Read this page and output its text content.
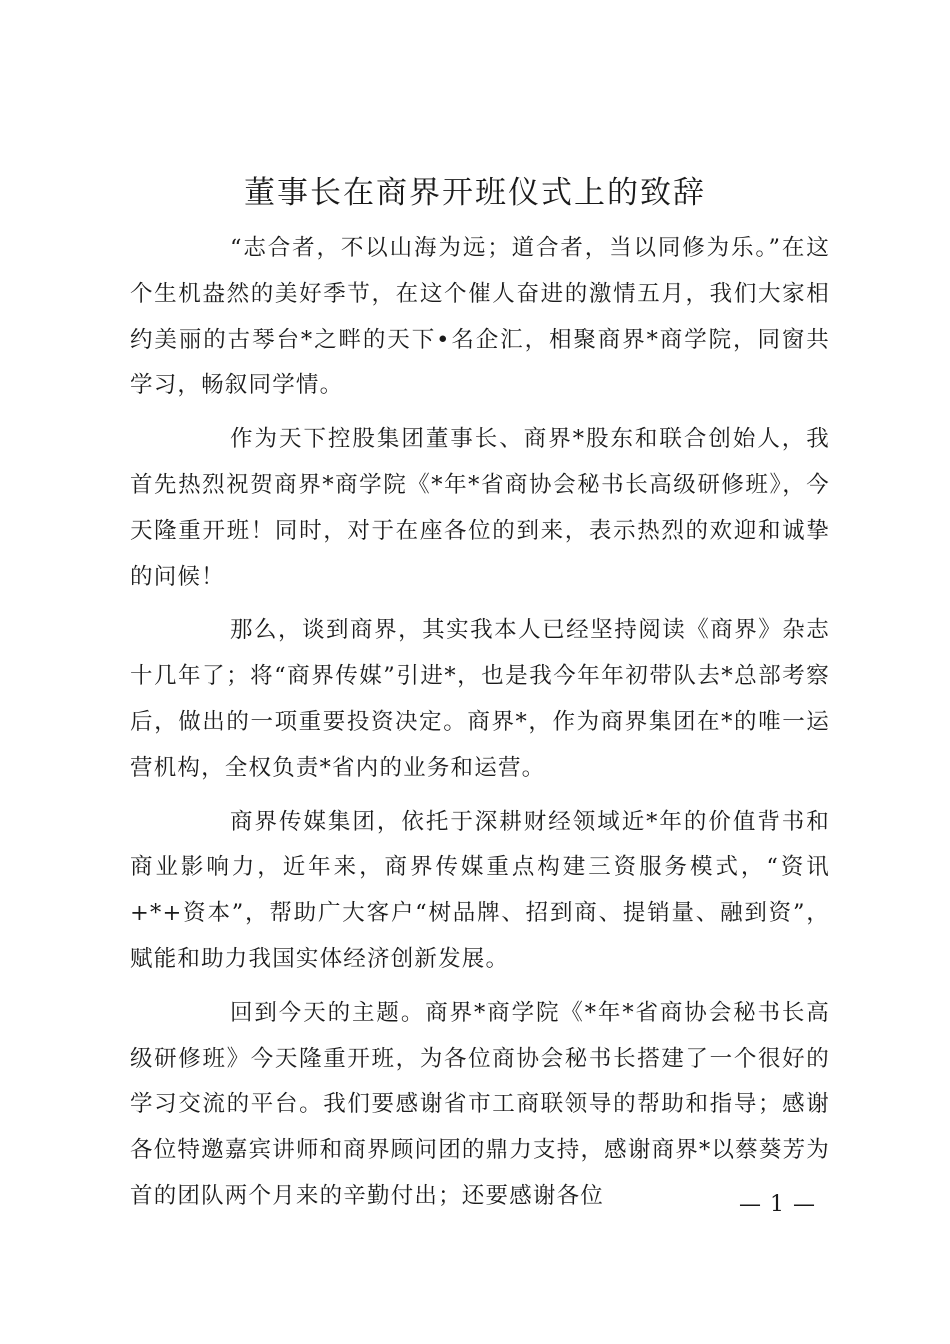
董事长在商界开班仪式上的致辞

“志合者，不以山海为远；道合者，当以同修为乐。”在这个生机盎然的美好季节，在这个催人奋进的激情五月，我们大家相约美丽的古琴台*之畔的天下•名企汇，相聚商界*商学院，同窗共学习，畅叙同学情。

作为天下控股集团董事长、商界*股东和联合创始人，我首先热烈祝贺商界*商学院《*年*省商协会秘书长高级研修班》，今天隆重开班！同时，对于在座各位的到来，表示热烈的欢迎和诚挚的问候！

那么，谈到商界，其实我本人已经坚持阅读《商界》杂志十几年了；将“商界传媒”引进*，也是我今年年初带队去*总部考察后，做出的一项重要投资决定。商界*，作为商界集团在*的唯一运营机构，全权负责*省内的业务和运营。

商界传媒集团，依托于深耕财经领域近*年的价值背书和商业影响力，近年来，商界传媒重点构建三资服务模式，“资讯+*+资本”，帮助广大客户“树品牌、招到商、提销量、融到资”，赋能和助力我国实体经济创新发展。

回到今天的主题。商界*商学院《*年*省商协会秘书长高级研修班》今天隆重开班，为各位商协会秘书长搭建了一个很好的学习交流的平台。我们要感谢省市工商联领导的帮助和指导；感谢各位特邀嘉宾讲师和商界顾问团的鼎力支持，感谢商界*以蔡葵芳为首的团队两个月来的辛勤付出；还要感谢各位	— 1 —
